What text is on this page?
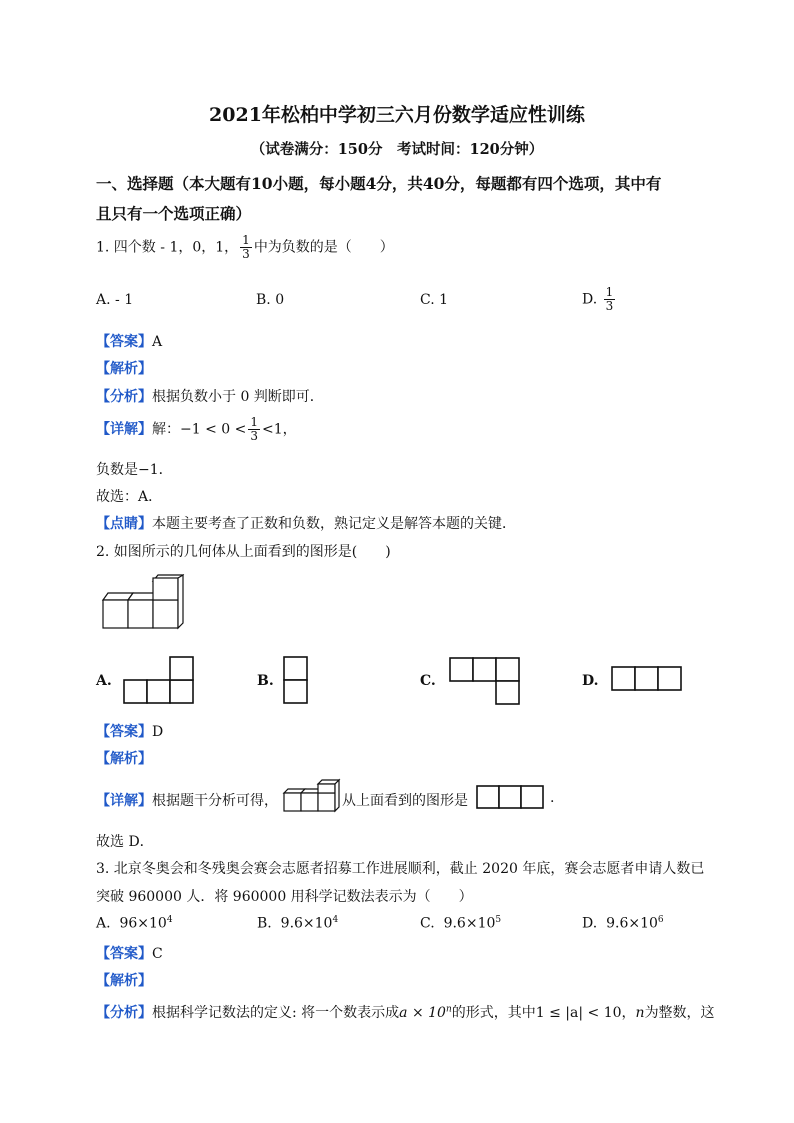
2021年松柏中学初三六月份数学适应性训练
（试卷满分：150分　考试时间：120分钟）
一、选择题（本大题有10小题，每小题4分，共40分，每题都有四个选项，其中有
且只有一个选项正确）
1. 四个数 - 1，0，1， $\frac{1}{3}$ 中为负数的是（　　）
A. - 1	B. 0	C. 1	D. $\frac{1}{3}$
【答案】A
【解析】
【分析】根据负数小于 0 判断即可．
【详解】解：$-1 < 0 < \frac{1}{3} <1$，
负数是−1．
故选：A．
【点睛】本题主要考查了正数和负数，熟记定义是解答本题的关键．
2. 如图所示的几何体从上面看到的图形是(　　)
A.	B.	C.	D.
【答案】D
【解析】
【详解】根据题干分析可得，	从上面看到的图形是	.
故选 D．
3. 北京冬奥会和冬残奥会赛会志愿者招募工作进展顺利，截止 2020 年底，赛会志愿者申请人数已
突破 960000 人．将 960000 用科学记数法表示为（　　）
A. $96\times 10^4$	B. $9.6\times 10^4$	C. $9.6\times 10^5$	D. $9.6\times 10^6$
【答案】C
【解析】
【分析】根据科学记数法的定义: 将一个数表示成$a \times 10^n$的形式，其中1 ≤ |a| < 10，n为整数，这
